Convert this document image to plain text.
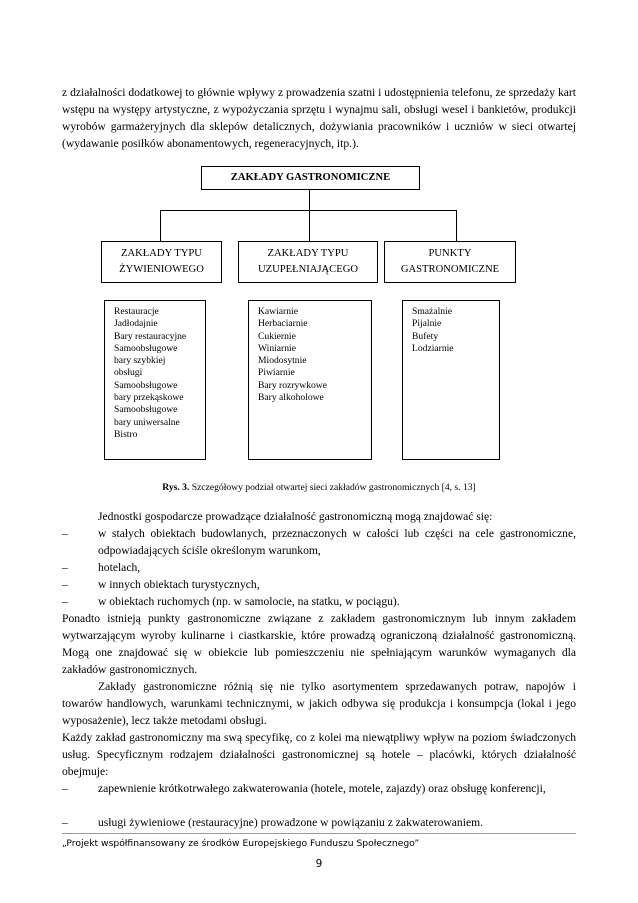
z działalności dodatkowej to głównie wpływy z prowadzenia szatni i udostępnienia telefonu, ze sprzedaży kart wstępu na występy artystyczne, z wypożyczania sprzętu i wynajmu sali, obsługi wesel i bankietów, produkcji wyrobów garmażeryjnych dla sklepów detalicznych, dożywiania pracowników i uczniów w sieci otwartej (wydawanie posiłków abonamentowych, regeneracyjnych, itp.).
ZAKŁADY GASTRONOMICZNE
ZAKŁADY TYPU
ŻYWIENIOWEGO
ZAKŁADY TYPU
UZUPEŁNIAJĄCEGO
PUNKTY
GASTRONOMICZNE
Restauracje
Jadłodajnie
Bary restauracyjne
Samoobsługowe
bary szybkiej
obsługi
Samoobsługowe
bary przekąskowe
Samoobsługowe
bary uniwersalne
Bistro
Kawiarnie
Herbaciarnie
Cukiernie
Winiarnie
Miodosytnie
Piwiarnie
Bary rozrywkowe
Bary alkoholowe
Smażalnie
Pijalnie
Bufety
Lodziarnie
Rys. 3. Szczegółowy podział otwartej sieci zakładów gastronomicznych [4, s. 13]
Jednostki gospodarcze prowadzące działalność gastronomiczną mogą znajdować się:
–	w stałych obiektach budowlanych, przeznaczonych w całości lub części na cele gastronomiczne, odpowiadających ściśle określonym warunkom,
–	hotelach,
–	w innych obiektach turystycznych,
–	w obiektach ruchomych (np. w samolocie, na statku, w pociągu).
Ponadto istnieją punkty gastronomiczne związane z zakładem gastronomicznym lub innym zakładem wytwarzającym wyroby kulinarne i ciastkarskie, które prowadzą ograniczoną działalność gastronomiczną. Mogą one znajdować się w obiekcie lub pomieszczeniu nie spełniającym warunków wymaganych dla zakładów gastronomicznych.
Zakłady gastronomiczne różnią się nie tylko asortymentem sprzedawanych potraw, napojów i towarów handlowych, warunkami technicznymi, w jakich odbywa się produkcja i konsumpcja (lokal i jego wyposażenie), lecz także metodami obsługi.
Każdy zakład gastronomiczny ma swą specyfikę, co z kolei ma niewątpliwy wpływ na poziom świadczonych usług. Specyficznym rodzajem działalności gastronomicznej są hotele – placówki, których działalność obejmuje:
–	zapewnienie krótkotrwałego zakwaterowania (hotele, motele, zajazdy) oraz obsługę konferencji,
–	usługi żywieniowe (restauracyjne) prowadzone w powiązaniu z zakwaterowaniem.
„Projekt współfinansowany ze środków Europejskiego Funduszu Społecznego”
9
